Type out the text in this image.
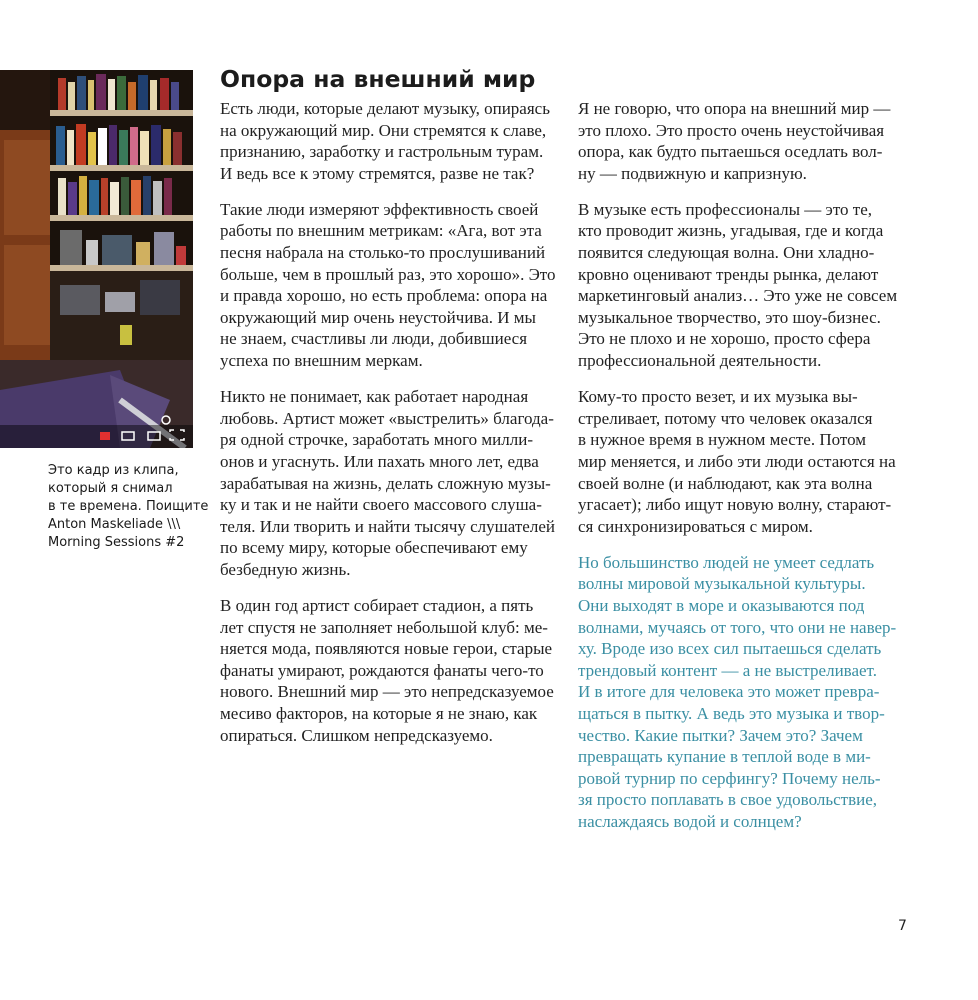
Это кадр из клипа,
который я снимал
в те времена. Поищите
Anton Maskeliade \\\
Morning Sessions #2
Опора на внешний мир

Есть люди, которые делают музыку, опираясь
на окружающий мир. Они стремятся к славе,
признанию, заработку и гастрольным турам.
И ведь все к этому стремятся, разве не так?

Такие люди измеряют эффективность своей
работы по внешним метрикам: «Ага, вот эта
песня набрала на столько-то прослушиваний
больше, чем в прошлый раз, это хорошо». Это
и правда хорошо, но есть проблема: опора на
окружающий мир очень неустойчива. И мы
не знаем, счастливы ли люди, добившиеся
успеха по внешним меркам.

Никто не понимает, как работает народная
любовь. Артист может «выстрелить» благода-
ря одной строчке, заработать много милли-
онов и угаснуть. Или пахать много лет, едва
зарабатывая на жизнь, делать сложную музы-
ку и так и не найти своего массового слуша-
теля. Или творить и найти тысячу слушателей
по всему миру, которые обеспечивают ему
безбедную жизнь.

В один год артист собирает стадион, а пять
лет спустя не заполняет небольшой клуб: ме-
няется мода, появляются новые герои, старые
фанаты умирают, рождаются фанаты чего-то
нового. Внешний мир — это непредсказуемое
месиво факторов, на которые я не знаю, как
опираться. Слишком непредсказуемо.

Я не говорю, что опора на внешний мир —
это плохо. Это просто очень неустойчивая
опора, как будто пытаешься оседлать вол-
ну — подвижную и капризную.

В музыке есть профессионалы — это те,
кто проводит жизнь, угадывая, где и когда
появится следующая волна. Они хладно-
кровно оценивают тренды рынка, делают
маркетинговый анализ… Это уже не совсем
музыкальное творчество, это шоу-бизнес.
Это не плохо и не хорошо, просто сфера
профессиональной деятельности.

Кому-то просто везет, и их музыка вы-
стреливает, потому что человек оказался
в нужное время в нужном месте. Потом
мир меняется, и либо эти люди остаются на
своей волне (и наблюдают, как эта волна
угасает); либо ищут новую волну, старают-
ся синхронизироваться с миром.

Но большинство людей не умеет седлать
волны мировой музыкальной культуры.
Они выходят в море и оказываются под
волнами, мучаясь от того, что они не навер-
ху. Вроде изо всех сил пытаешься сделать
трендовый контент — а не выстреливает.
И в итоге для человека это может превра-
щаться в пытку. А ведь это музыка и твор-
чество. Какие пытки? Зачем это? Зачем
превращать купание в теплой воде в ми-
ровой турнир по серфингу? Почему нель-
зя просто поплавать в свое удовольствие,
наслаждаясь водой и солнцем?

7
